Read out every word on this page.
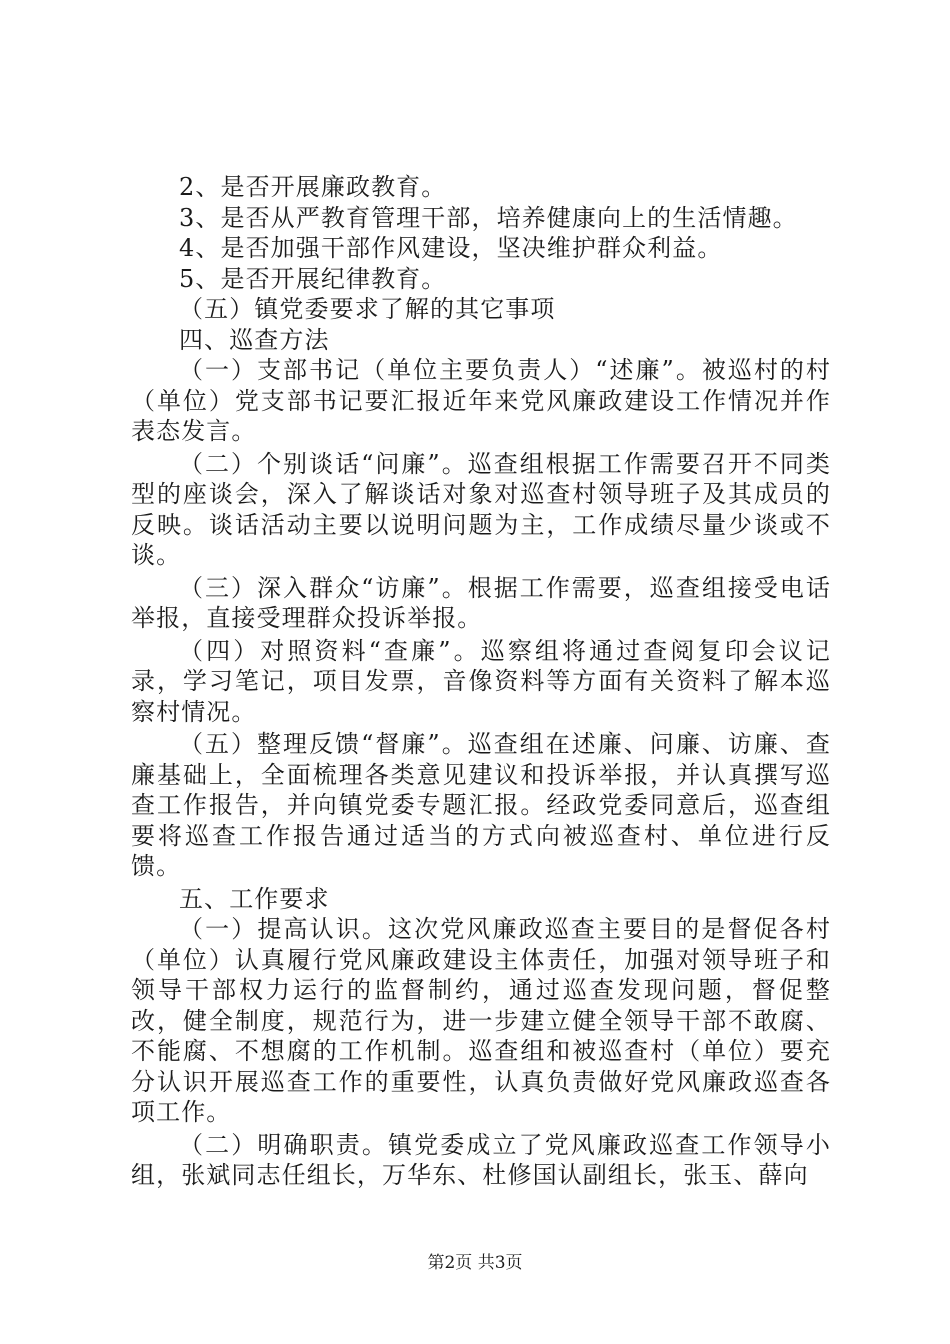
2、是否开展廉政教育。
3、是否从严教育管理干部，培养健康向上的生活情趣。
4、是否加强干部作风建设，坚决维护群众利益。
5、是否开展纪律教育。
（五）镇党委要求了解的其它事项
四、巡查方法

（一）支部书记（单位主要负责人）“述廉”。被巡村的村（单位）党支部书记要汇报近年来党风廉政建设工作情况并作表态发言。

（二）个别谈话“问廉”。巡查组根据工作需要召开不同类型的座谈会，深入了解谈话对象对巡查村领导班子及其成员的反映。谈话活动主要以说明问题为主，工作成绩尽量少谈或不谈。

（三）深入群众“访廉”。根据工作需要，巡查组接受电话举报，直接受理群众投诉举报。

（四）对照资料“查廉”。巡察组将通过查阅复印会议记录，学习笔记，项目发票，音像资料等方面有关资料了解本巡察村情况。

（五）整理反馈“督廉”。巡查组在述廉、问廉、访廉、查廉基础上，全面梳理各类意见建议和投诉举报，并认真撰写巡查工作报告，并向镇党委专题汇报。经政党委同意后，巡查组要将巡查工作报告通过适当的方式向被巡查村、单位进行反馈。

五、工作要求

（一）提高认识。这次党风廉政巡查主要目的是督促各村（单位）认真履行党风廉政建设主体责任，加强对领导班子和领导干部权力运行的监督制约，通过巡查发现问题，督促整改，健全制度，规范行为，进一步建立健全领导干部不敢腐、不能腐、不想腐的工作机制。巡查组和被巡查村（单位）要充分认识开展巡查工作的重要性，认真负责做好党风廉政巡查各项工作。

（二）明确职责。镇党委成立了党风廉政巡查工作领导小组，张斌同志任组长，万华东、杜修国认副组长，张玉、薛向

第2页 共3页
